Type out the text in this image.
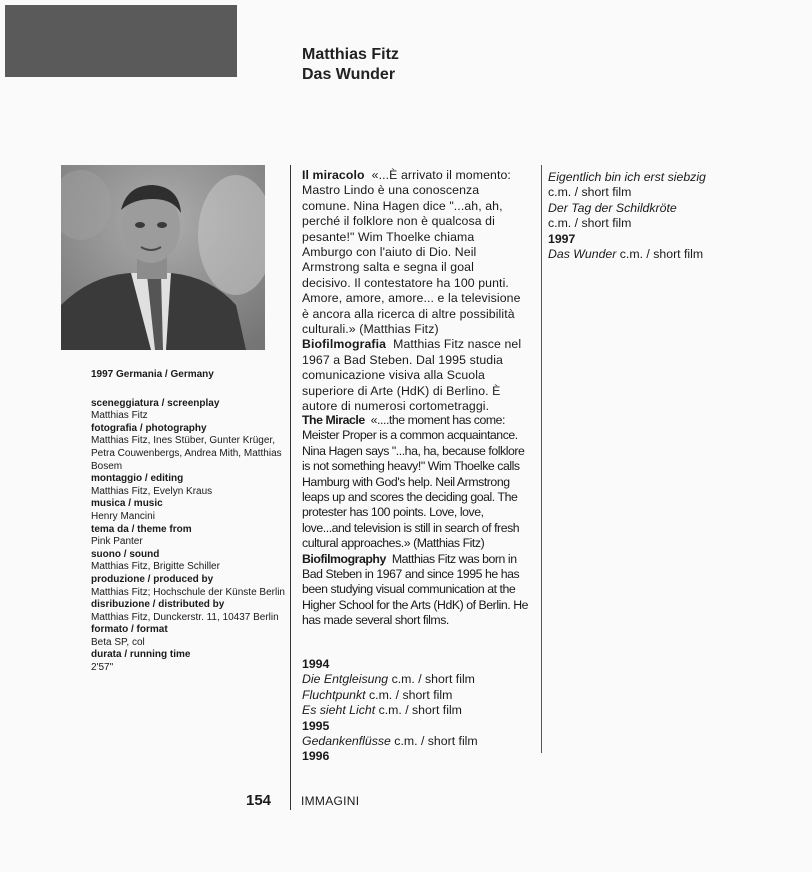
Matthias Fitz
Das Wunder
1997 Germania / Germany
sceneggiatura / screenplay
Matthias Fitz
fotografia / photography
Matthias Fitz, Ines Stüber, Gunter Krüger, Petra Couwenbergs, Andrea Mith, Matthias Bosem
montaggio / editing
Matthias Fitz, Evelyn Kraus
musica / music
Henry Mancini
tema da / theme from
Pink Panter
suono / sound
Matthias Fitz, Brigitte Schiller
produzione / produced by
Matthias Fitz; Hochschule der Künste Berlin
disribuzione / distributed by
Matthias Fitz, Dunckerstr. 11, 10437 Berlin
formato / format
Beta SP, col
durata / running time
2'57"
Il miracolo «...È arrivato il momento: Mastro Lindo è una conoscenza comune. Nina Hagen dice "...ah, ah, perché il folklore non è qualcosa di pesante!" Wim Thoelke chiama Amburgo con l'aiuto di Dio. Neil Armstrong salta e segna il goal decisivo. Il contestatore ha 100 punti. Amore, amore, amore... e la televisione è ancora alla ricerca di altre possibilità culturali.» (Matthias Fitz)
Biofilmografia Matthias Fitz nasce nel 1967 a Bad Steben. Dal 1995 studia comunicazione visiva alla Scuola superiore di Arte (HdK) di Berlino. È autore di numerosi cortometraggi.
The Miracle «....the moment has come: Meister Proper is a common acquaintance. Nina Hagen says "...ha, ha, because folklore is not something heavy!" Wim Thoelke calls Hamburg with God's help. Neil Armstrong leaps up and scores the deciding goal. The protester has 100 points. Love, love, love...and television is still in search of fresh cultural approaches.» (Matthias Fitz)
Biofilmography Matthias Fitz was born in Bad Steben in 1967 and since 1995 he has been studying visual communication at the Higher School for the Arts (HdK) of Berlin. He has made several short films.
1994
Die Entgleisung c.m. / short film
Fluchtpunkt c.m. / short film
Es sieht Licht c.m. / short film
1995
Gedankenflüsse c.m. / short film
1996
Eigentlich bin ich erst siebzig
c.m. / short film
Der Tag der Schildkröte
c.m. / short film
1997
Das Wunder c.m. / short film
154 IMMAGINI
